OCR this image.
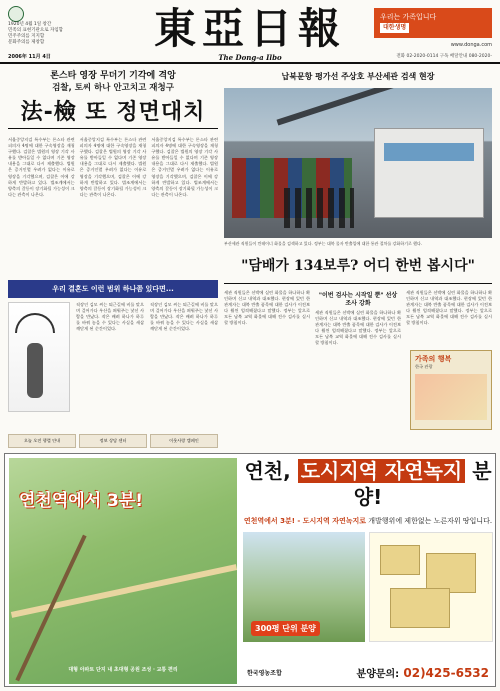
1920년 4월 1일 창간
민족의 표현기관으로 자임함
민주주의를 지지함
문화주의를 제창함	東亞日報
The Dong-a Ilbo
우리는 가족입니다
대한생명
www.donga.com
2006年 11月 4日	전화 02-2020-0114 구독 배달안내 080-2020-
론스타 영장 무더기 기각에 격앙
검찰, 토씨 하나 안고치고 재청구
法-檢 또 정면대치
서울중앙지검 특수부는 론스타 관련 피의자 4명에 대한 구속영장을 재청구했다. 검찰은 법원의 영장 기각 사유를 받아들일 수 없다며 기존 영장 내용을 그대로 다시 제출했다. 법원은 증거인멸 우려가 없다는 이유로 영장을 기각했으며, 검찰은 이에 강하게 반발하고 있다. 법조계에서는 양측의 갈등이 장기화될 가능성이 크다는 관측이 나온다.
서울중앙지검 특수부는 론스타 관련 피의자 4명에 대한 구속영장을 재청구했다. 검찰은 법원의 영장 기각 사유를 받아들일 수 없다며 기존 영장 내용을 그대로 다시 제출했다. 법원은 증거인멸 우려가 없다는 이유로 영장을 기각했으며, 검찰은 이에 강하게 반발하고 있다. 법조계에서는 양측의 갈등이 장기화될 가능성이 크다는 관측이 나온다.
서울중앙지검 특수부는 론스타 관련 피의자 4명에 대한 구속영장을 재청구했다. 검찰은 법원의 영장 기각 사유를 받아들일 수 없다며 기존 영장 내용을 그대로 다시 제출했다. 법원은 증거인멸 우려가 없다는 이유로 영장을 기각했으며, 검찰은 이에 강하게 반발하고 있다. 법조계에서는 양측의 갈등이 장기화될 가능성이 크다는 관측이 나온다.
납북문항 평가선 주상호 부산세관 검색 현장
부산세관 직원들이 컨테이너 화물을 검색하고 있다. 정부는 대북 물자 반출입에 대한 통관 절차를 강화하기로 했다.
"담배가 134보루? 어디 한번 봅시다"
세관 직원들은 선박에 실린 화물을 하나하나 확인하며 신고 내역과 대조했다. 현장에 있던 한 관계자는 대북 반출 품목에 대한 검사가 이전보다 훨씬 엄격해졌다고 말했다. 정부는 앞으로 모든 남북 교역 화물에 대해 전수 검사를 실시할 방침이다.
"이번 검사는 시작일 뿐" 선상 조사 강화
세관 직원들은 선박에 실린 화물을 하나하나 확인하며 신고 내역과 대조했다. 현장에 있던 한 관계자는 대북 반출 품목에 대한 검사가 이전보다 훨씬 엄격해졌다고 말했다. 정부는 앞으로 모든 남북 교역 화물에 대해 전수 검사를 실시할 방침이다.
세관 직원들은 선박에 실린 화물을 하나하나 확인하며 신고 내역과 대조했다. 현장에 있던 한 관계자는 대북 반출 품목에 대한 검사가 이전보다 훨씬 엄격해졌다고 말했다. 정부는 앞으로 모든 남북 교역 화물에 대해 전수 검사를 실시할 방침이다.
우리 결혼도 이런 범위 하나쯤 있다면...
직장인 김모 씨는 퇴근길에 비를 맞으며 걸어가다 우산을 씌워주는 낯선 사람을 만났다. 작은 배려 하나가 하루를 바꿔 놓을 수 있다는 사실을 새삼 깨닫게 된 순간이었다.
직장인 김모 씨는 퇴근길에 비를 맞으며 걸어가다 우산을 씌워주는 낯선 사람을 만났다. 작은 배려 하나가 하루를 바꿔 놓을 수 있다는 사실을 새삼 깨닫게 된 순간이었다.
오늘 오전 행렬 안내	정보 상담 센터	이웃사랑 캠페인
가족의 행복
한국 관광
연천역에서 3분!
대형 아파트 단지 내 초대형 공원 조성 · 교통 편리
연천, 도시지역 자연녹지 분양!
연천역에서 3분! - 도시지역 자연녹지로 개발행위에 제한없는 노른자위 땅입니다.
300평 단위 분양
한국영농조합	분양문의: 02)425-6532
